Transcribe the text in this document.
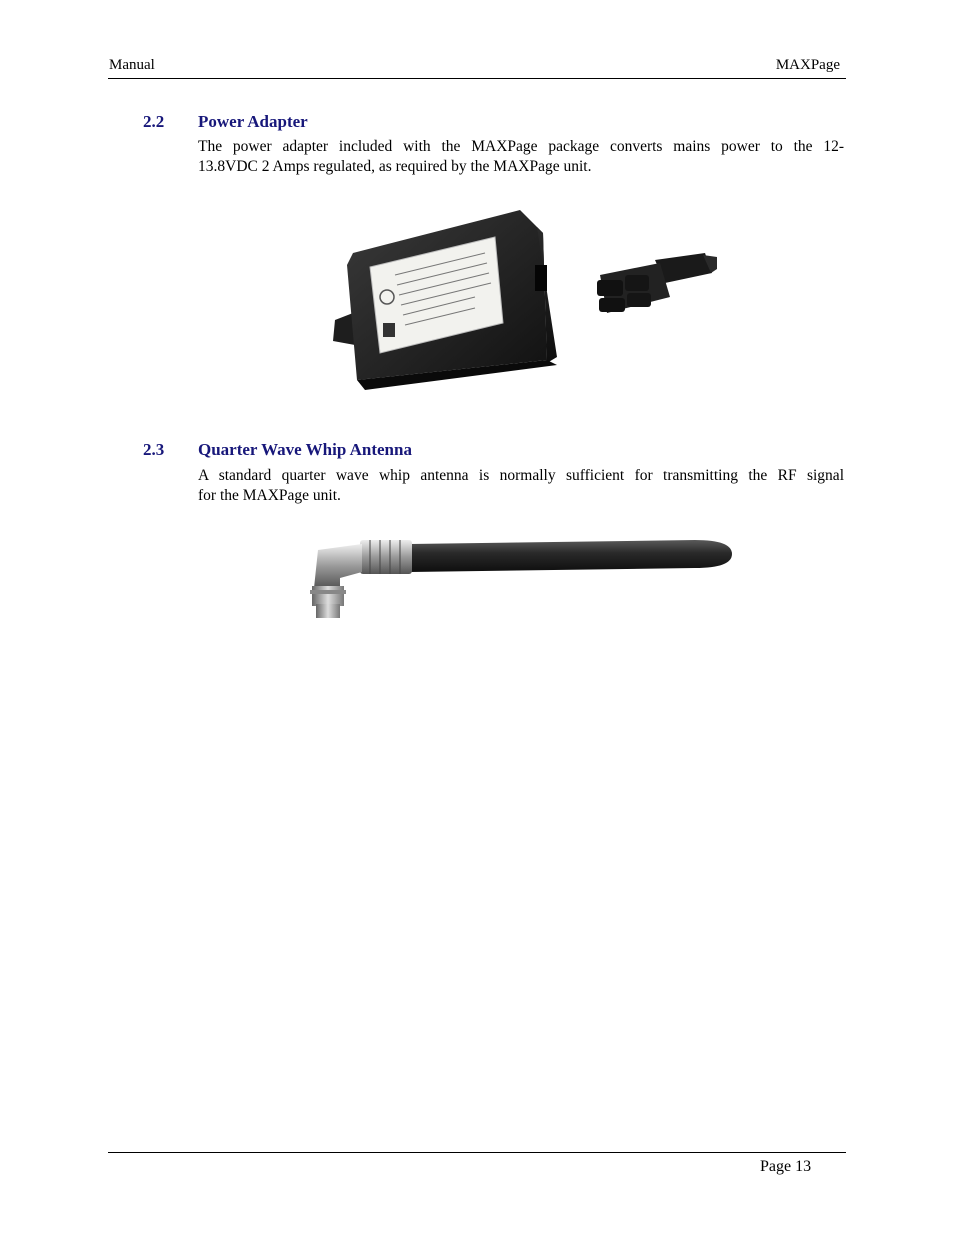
Manual	MAXPage
2.2 Power Adapter
The power adapter included with the MAXPage package converts mains power to the 12-
13.8VDC 2 Amps regulated, as required by the MAXPage unit.
2.3 Quarter Wave Whip Antenna
A standard quarter wave whip antenna is normally sufficient for transmitting the RF signal
for the MAXPage unit.
Page 13
